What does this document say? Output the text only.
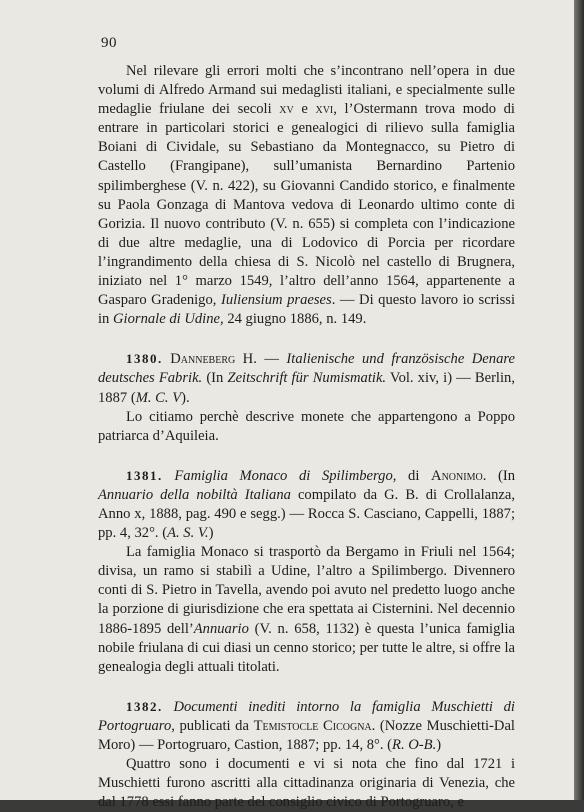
90

Nel rilevare gli errori molti che s’incontrano nell’opera in due volumi di Alfredo Armand sui medaglisti italiani, e specialmente sulle medaglie friulane dei secoli xv e xvi, l’Ostermann trova modo di entrare in particolari storici e genealogici di rilievo sulla famiglia Boiani di Cividale, su Sebastiano da Montegnacco, su Pietro di Castello (Frangipane), sull’umanista Bernardino Partenio spilimberghese (V. n. 422), su Giovanni Candido storico, e finalmente su Paola Gonzaga di Mantova vedova di Leonardo ultimo conte di Gorizia. Il nuovo contributo (V. n. 655) si completa con l’indicazione di due altre medaglie, una di Lodovico di Porcia per ricordare l’ingrandimento della chiesa di S. Nicolò nel castello di Brugnera, iniziato nel 1° marzo 1549, l’altro dell’anno 1564, appartenente a Gasparo Gradenigo, Iuliensium praeses. — Di questo lavoro io scrissi in Giornale di Udine, 24 giugno 1886, n. 149.

1380. Danneberg H. — Italienische und französische Denare deutsches Fabrik. (In Zeitschrift für Numismatik. Vol. xiv, i) — Berlin, 1887 (M. C. V).

Lo citiamo perchè descrive monete che appartengono a Poppo patriarca d’Aquileia.

1381. Famiglia Monaco di Spilimbergo, di Anonimo. (In Annuario della nobiltà Italiana compilato da G. B. di Crollalanza, Anno x, 1888, pag. 490 e segg.) — Rocca S. Casciano, Cappelli, 1887; pp. 4, 32°. (A. S. V.)

La famiglia Monaco si trasportò da Bergamo in Friuli nel 1564; divisa, un ramo si stabilì a Udine, l’altro a Spilimbergo. Divennero conti di S. Pietro in Tavella, avendo poi avuto nel predetto luogo anche la porzione di giurisdizione che era spettata ai Cisternini. Nel decennio 1886-1895 dell’Annuario (V. n. 658, 1132) è questa l’unica famiglia nobile friulana di cui diasi un cenno storico; per tutte le altre, si offre la genealogia degli attuali titolati.

1382. Documenti inediti intorno la famiglia Muschietti di Portogruaro, publicati da Temistocle Cicogna. (Nozze Muschietti-Dal Moro) — Portogruaro, Castion, 1887; pp. 14, 8°. (R. O-B.)

Quattro sono i documenti e vi si nota che fino dal 1721 i Muschietti furono ascritti alla cittadinanza originaria di Venezia, che dal 1778 essi fanno parte del consiglio civico di Portogruaro, e
